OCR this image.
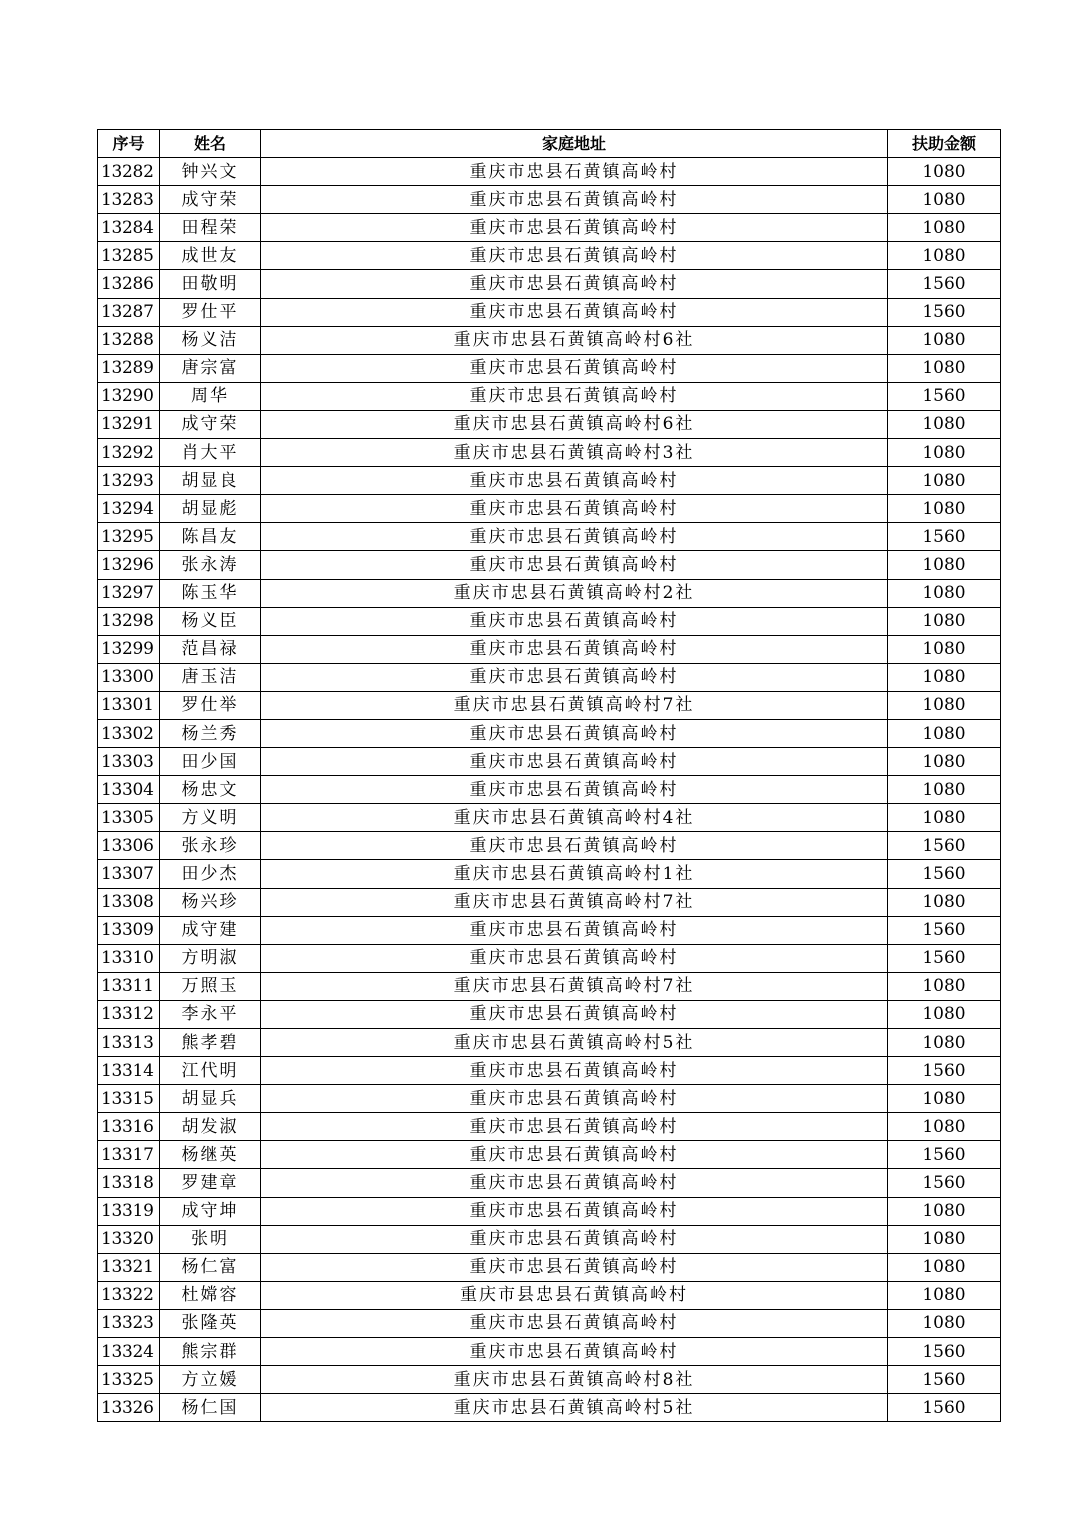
序号	姓名	家庭地址	扶助金额
13282	钟兴文	重庆市忠县石黄镇高岭村	1080
13283	成守荣	重庆市忠县石黄镇高岭村	1080
13284	田程荣	重庆市忠县石黄镇高岭村	1080
13285	成世友	重庆市忠县石黄镇高岭村	1080
13286	田敬明	重庆市忠县石黄镇高岭村	1560
13287	罗仕平	重庆市忠县石黄镇高岭村	1560
13288	杨义洁	重庆市忠县石黄镇高岭村6社	1080
13289	唐宗富	重庆市忠县石黄镇高岭村	1080
13290	周华	重庆市忠县石黄镇高岭村	1560
13291	成守荣	重庆市忠县石黄镇高岭村6社	1080
13292	肖大平	重庆市忠县石黄镇高岭村3社	1080
13293	胡显良	重庆市忠县石黄镇高岭村	1080
13294	胡显彪	重庆市忠县石黄镇高岭村	1080
13295	陈昌友	重庆市忠县石黄镇高岭村	1560
13296	张永涛	重庆市忠县石黄镇高岭村	1080
13297	陈玉华	重庆市忠县石黄镇高岭村2社	1080
13298	杨义臣	重庆市忠县石黄镇高岭村	1080
13299	范昌禄	重庆市忠县石黄镇高岭村	1080
13300	唐玉洁	重庆市忠县石黄镇高岭村	1080
13301	罗仕举	重庆市忠县石黄镇高岭村7社	1080
13302	杨兰秀	重庆市忠县石黄镇高岭村	1080
13303	田少国	重庆市忠县石黄镇高岭村	1080
13304	杨忠文	重庆市忠县石黄镇高岭村	1080
13305	方义明	重庆市忠县石黄镇高岭村4社	1080
13306	张永珍	重庆市忠县石黄镇高岭村	1560
13307	田少杰	重庆市忠县石黄镇高岭村1社	1560
13308	杨兴珍	重庆市忠县石黄镇高岭村7社	1080
13309	成守建	重庆市忠县石黄镇高岭村	1560
13310	方明淑	重庆市忠县石黄镇高岭村	1560
13311	万照玉	重庆市忠县石黄镇高岭村7社	1080
13312	李永平	重庆市忠县石黄镇高岭村	1080
13313	熊孝碧	重庆市忠县石黄镇高岭村5社	1080
13314	江代明	重庆市忠县石黄镇高岭村	1560
13315	胡显兵	重庆市忠县石黄镇高岭村	1080
13316	胡发淑	重庆市忠县石黄镇高岭村	1080
13317	杨继英	重庆市忠县石黄镇高岭村	1560
13318	罗建章	重庆市忠县石黄镇高岭村	1560
13319	成守坤	重庆市忠县石黄镇高岭村	1080
13320	张明	重庆市忠县石黄镇高岭村	1080
13321	杨仁富	重庆市忠县石黄镇高岭村	1080
13322	杜嫦容	重庆市县忠县石黄镇高岭村	1080
13323	张隆英	重庆市忠县石黄镇高岭村	1080
13324	熊宗群	重庆市忠县石黄镇高岭村	1560
13325	方立媛	重庆市忠县石黄镇高岭村8社	1560
13326	杨仁国	重庆市忠县石黄镇高岭村5社	1560
